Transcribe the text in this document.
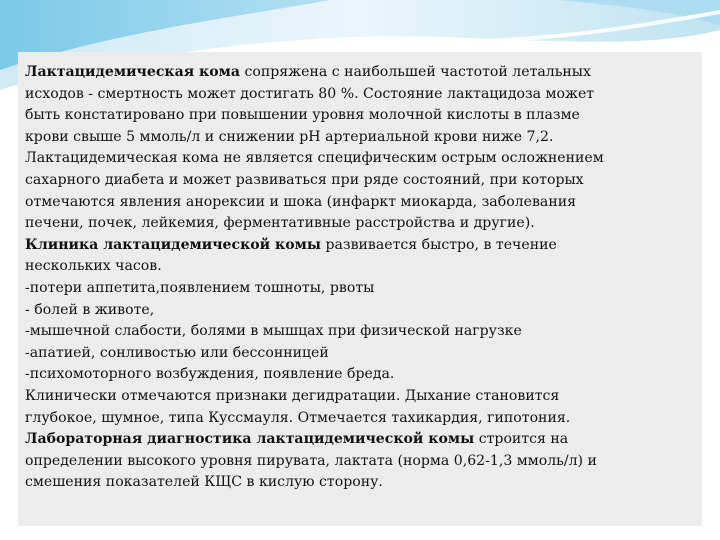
Лактацидемическая кома сопряжена с наибольшей частотой летальных
исходов - смертность может достигать 80 %. Состояние лактацидоза может
быть констатировано при повышении уровня молочной кислоты в плазме
крови свыше 5 ммоль/л и снижении рН артериальной крови ниже 7,2.
Лактацидемическая кома не является специфическим острым осложнением
сахарного диабета и может развиваться при ряде состояний, при которых
отмечаются явления анорексии и шока (инфаркт миокарда, заболевания
печени, почек, лейкемия, ферментативные расстройства и другие).
Клиника лактацидемической комы развивается быстро, в течение
нескольких часов.
-потери аппетита,появлением тошноты, рвоты
- болей в животе,
-мышечной слабости, болями в мышцах при физической нагрузке
-апатией, сонливостью или бессонницей
-психомоторного возбуждения, появление бреда.
Клинически отмечаются признаки дегидратации. Дыхание становится
глубокое, шумное, типа Куссмауля. Отмечается тахикардия, гипотония.
Лабораторная диагностика лактацидемической комы строится на
определении высокого уровня пирувата, лактата (норма 0,62-1,3 ммоль/л) и
смешения показателей КЩС в кислую сторону.
